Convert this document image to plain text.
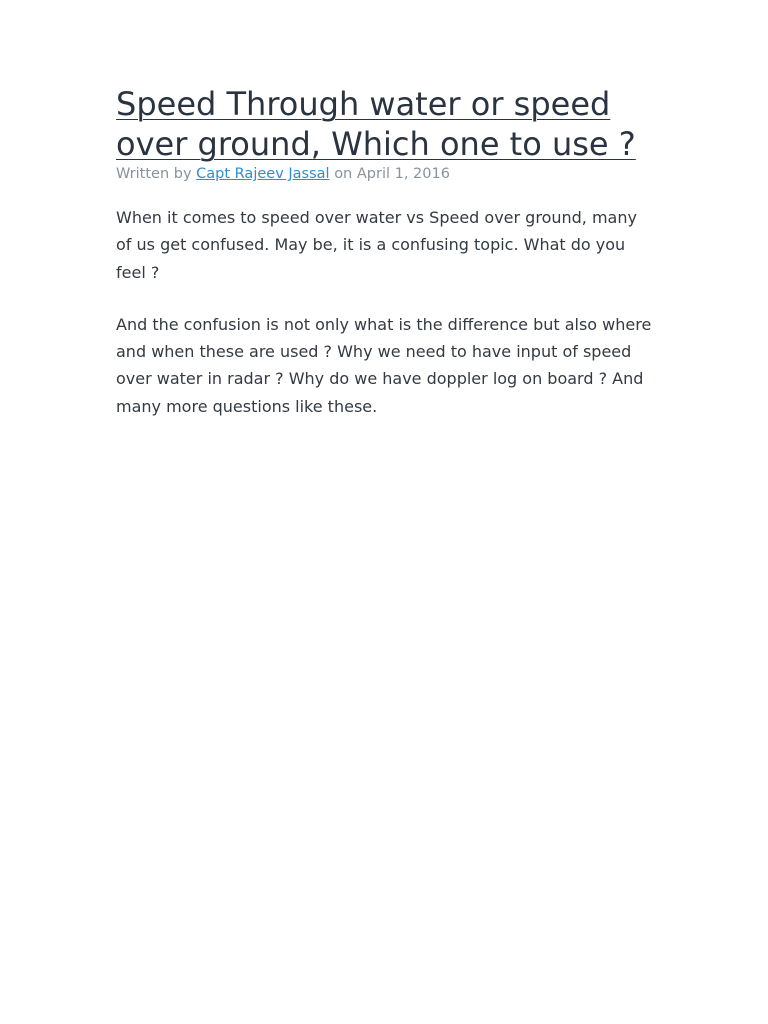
Speed Through water or speed over ground, Which one to use ?

Written by Capt Rajeev Jassal on April 1, 2016

When it comes to speed over water vs Speed over ground, many of us get confused. May be, it is a confusing topic. What do you feel ?

And the confusion is not only what is the difference but also where and when these are used ? Why we need to have input of speed over water in radar ? Why do we have doppler log on board ? And many more questions like these.
